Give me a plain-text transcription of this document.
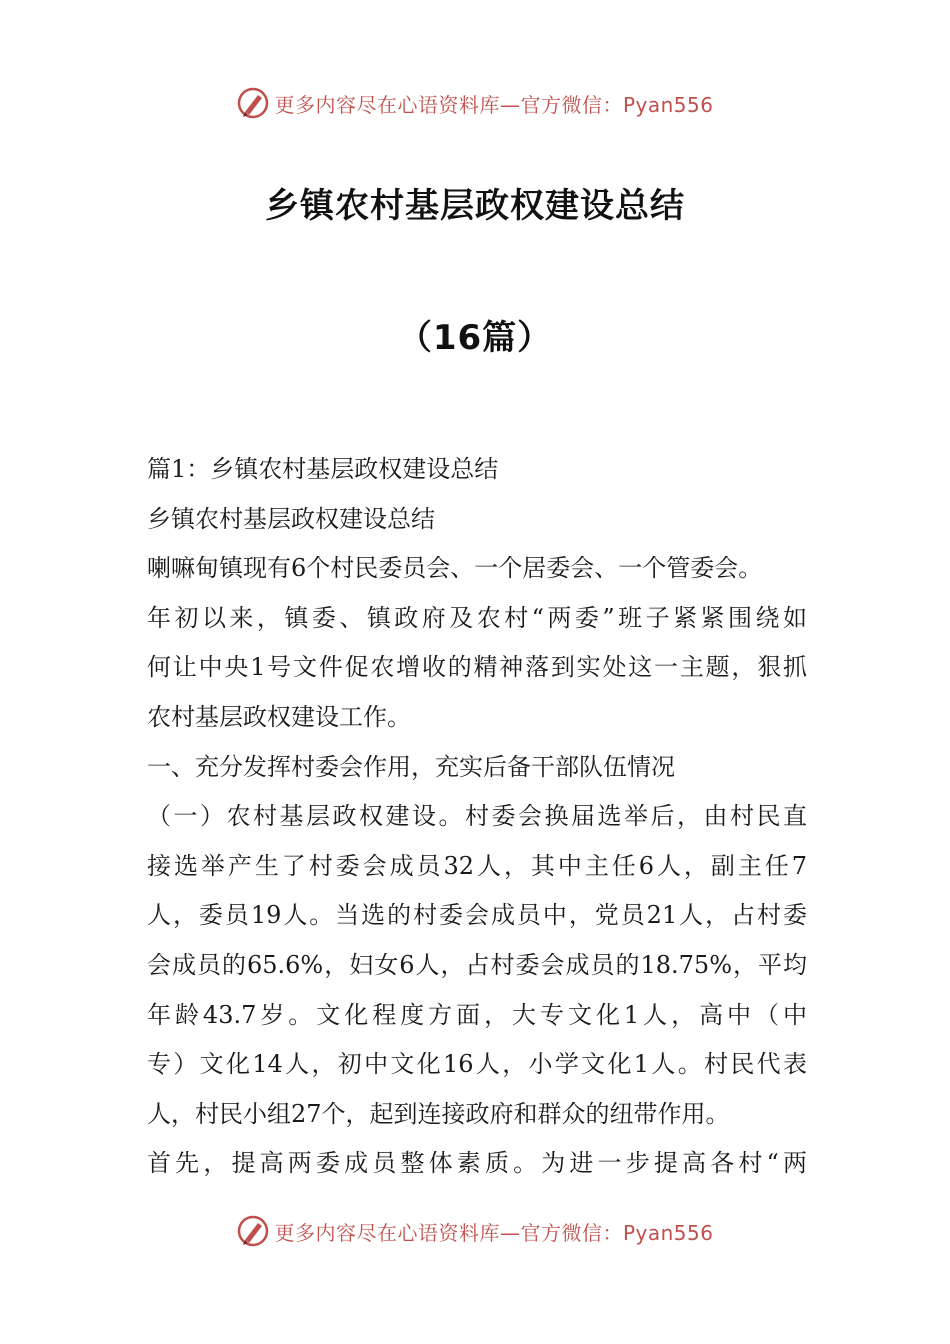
更多内容尽在心语资料库—官方微信：Pyan556
乡镇农村基层政权建设总结
（16篇）

篇1：乡镇农村基层政权建设总结

乡镇农村基层政权建设总结

喇嘛甸镇现有6个村民委员会、一个居委会、一个管委会。

年初以来，镇委、镇政府及农村“两委”班子紧紧围绕如

何让中央1号文件促农增收的精神落到实处这一主题，狠抓

农村基层政权建设工作。

一、充分发挥村委会作用，充实后备干部队伍情况

（一）农村基层政权建设。村委会换届选举后，由村民直

接选举产生了村委会成员32人，其中主任6人，副主任7

人，委员19人。当选的村委会成员中，党员21人，占村委

会成员的65.6%，妇女6人，占村委会成员的18.75%，平均

年龄43.7岁。文化程度方面，大专文化1人，高中（中

专）文化14人，初中文化16人，小学文化1人。村民代表

人，村民小组27个，起到连接政府和群众的纽带作用。

首先，提高两委成员整体素质。为进一步提高各村“两

更多内容尽在心语资料库—官方微信：Pyan556
